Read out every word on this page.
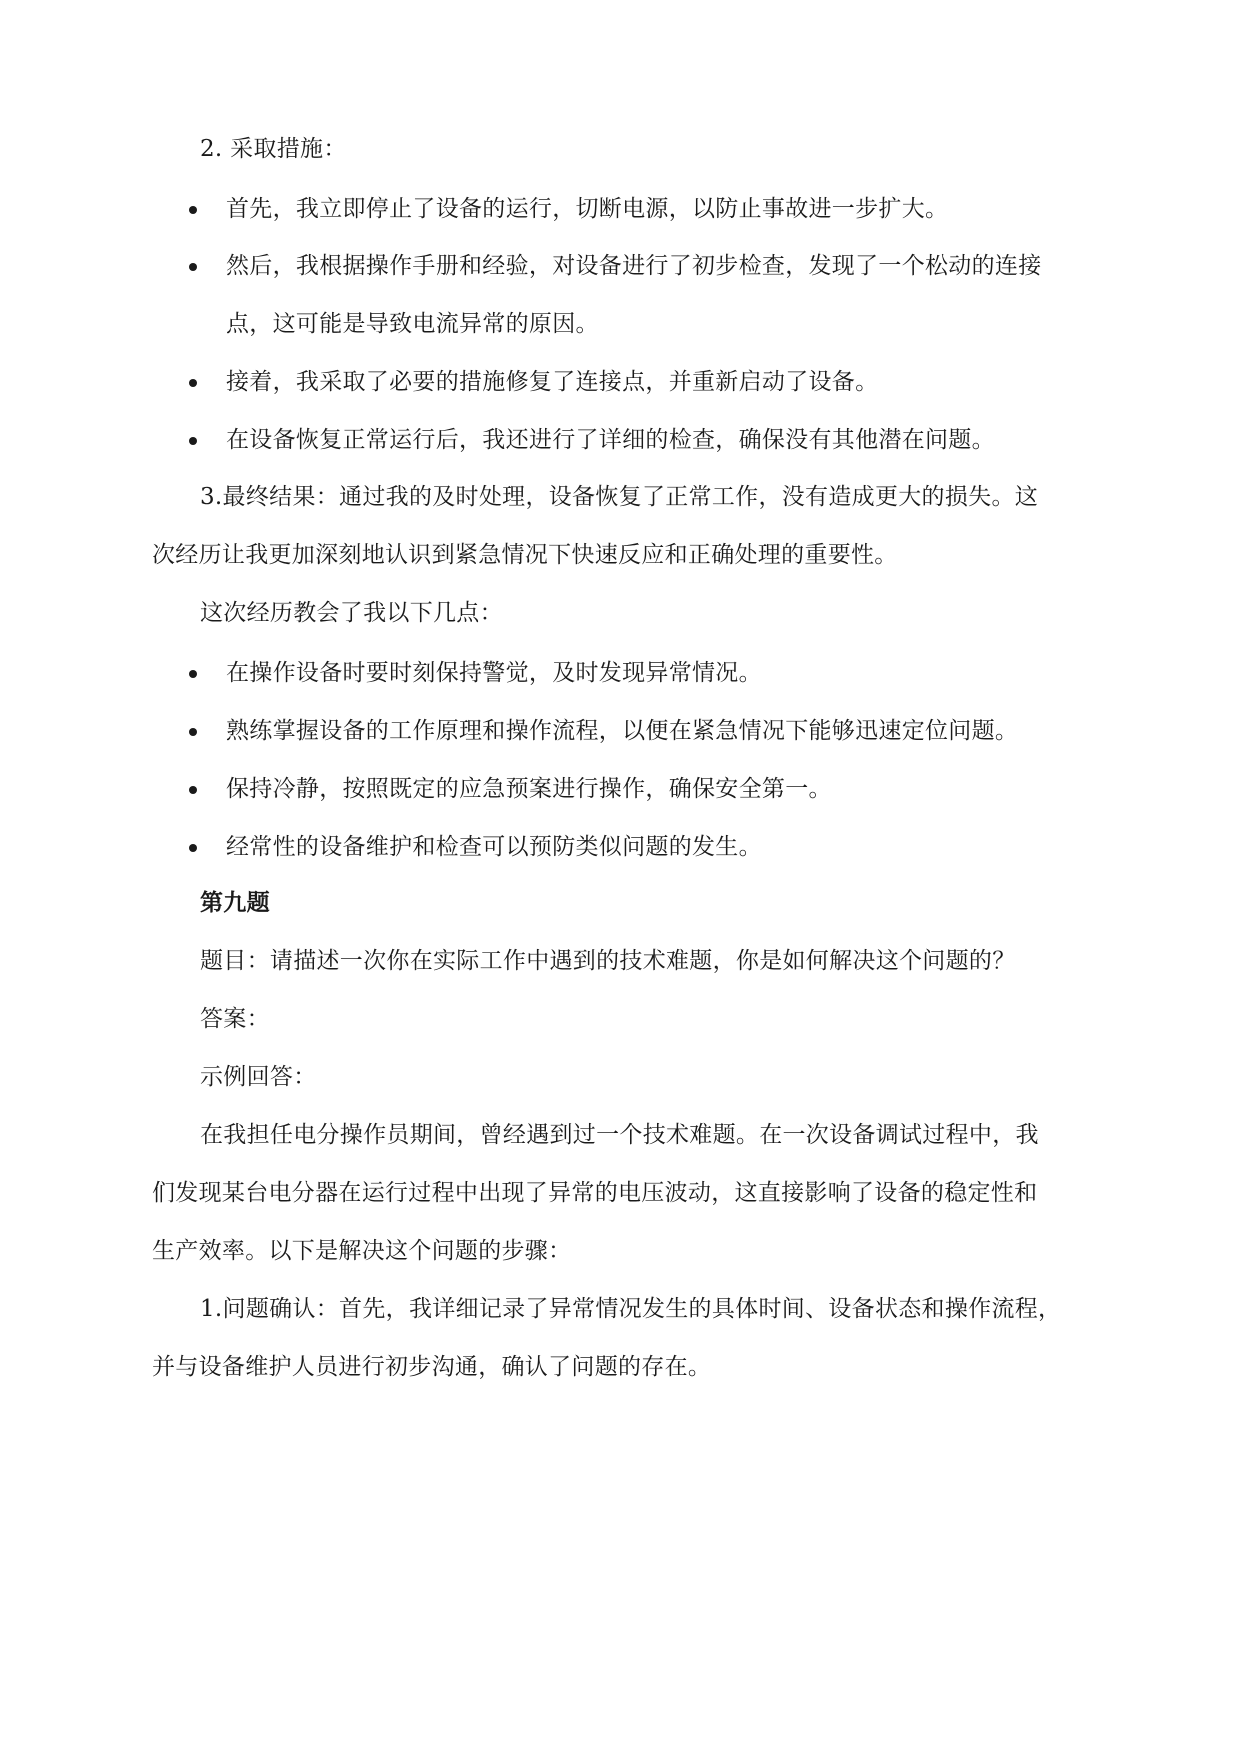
2. 采取措施：
首先，我立即停止了设备的运行，切断电源，以防止事故进一步扩大。
然后，我根据操作手册和经验，对设备进行了初步检查，发现了一个松动的连接
点，这可能是导致电流异常的原因。
接着，我采取了必要的措施修复了连接点，并重新启动了设备。
在设备恢复正常运行后，我还进行了详细的检查，确保没有其他潜在问题。
3.最终结果：通过我的及时处理，设备恢复了正常工作，没有造成更大的损失。这
次经历让我更加深刻地认识到紧急情况下快速反应和正确处理的重要性。
这次经历教会了我以下几点：
在操作设备时要时刻保持警觉，及时发现异常情况。
熟练掌握设备的工作原理和操作流程，以便在紧急情况下能够迅速定位问题。
保持冷静，按照既定的应急预案进行操作，确保安全第一。
经常性的设备维护和检查可以预防类似问题的发生。
第九题
题目：请描述一次你在实际工作中遇到的技术难题，你是如何解决这个问题的？
答案：
示例回答：
在我担任电分操作员期间，曾经遇到过一个技术难题。在一次设备调试过程中，我
们发现某台电分器在运行过程中出现了异常的电压波动，这直接影响了设备的稳定性和
生产效率。以下是解决这个问题的步骤：
1.问题确认：首先，我详细记录了异常情况发生的具体时间、设备状态和操作流程，
并与设备维护人员进行初步沟通，确认了问题的存在。
